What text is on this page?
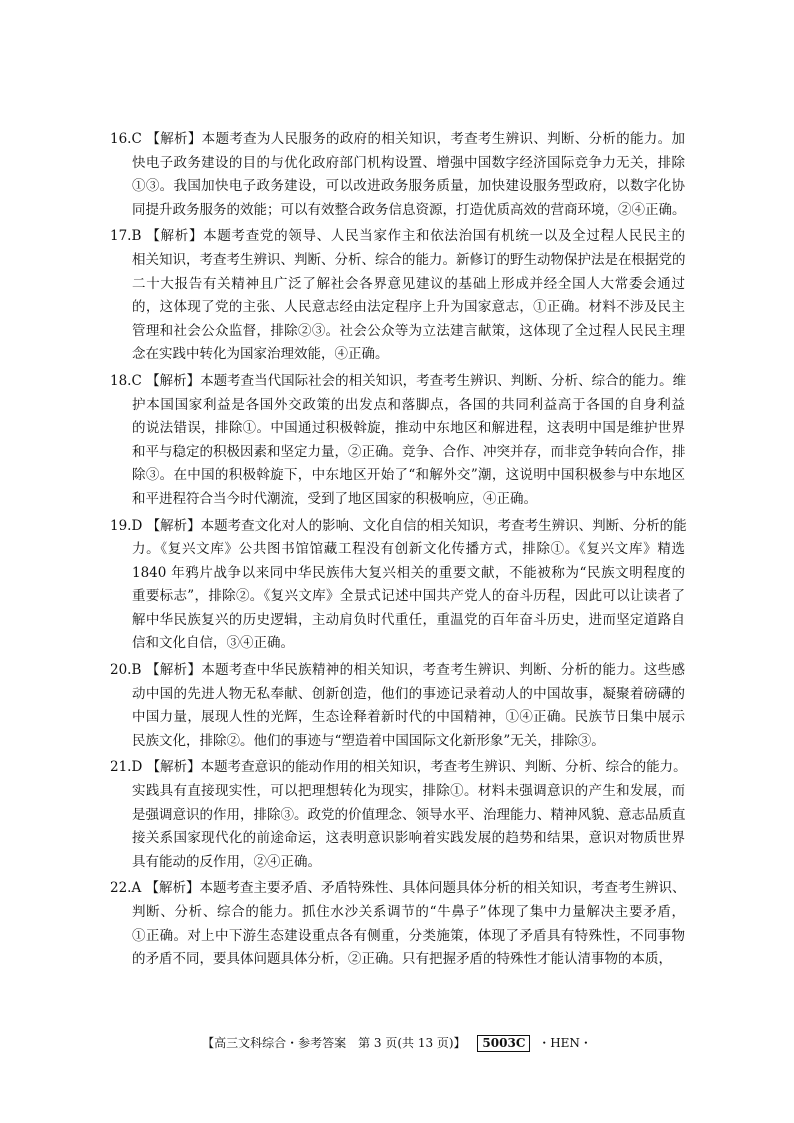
16.C 【解析】本题考查为人民服务的政府的相关知识，考查考生辨识、判断、分析的能力。加
快电子政务建设的目的与优化政府部门机构设置、增强中国数字经济国际竞争力无关，排除
①③。我国加快电子政务建设，可以改进政务服务质量，加快建设服务型政府，以数字化协
同提升政务服务的效能；可以有效整合政务信息资源，打造优质高效的营商环境，②④正确。
17.B 【解析】本题考查党的领导、人民当家作主和依法治国有机统一以及全过程人民民主的
相关知识，考查考生辨识、判断、分析、综合的能力。新修订的野生动物保护法是在根据党的
二十大报告有关精神且广泛了解社会各界意见建议的基础上形成并经全国人大常委会通过
的，这体现了党的主张、人民意志经由法定程序上升为国家意志，①正确。材料不涉及民主
管理和社会公众监督，排除②③。社会公众等为立法建言献策，这体现了全过程人民民主理
念在实践中转化为国家治理效能，④正确。
18.C 【解析】本题考查当代国际社会的相关知识，考查考生辨识、判断、分析、综合的能力。维
护本国国家利益是各国外交政策的出发点和落脚点，各国的共同利益高于各国的自身利益
的说法错误，排除①。中国通过积极斡旋，推动中东地区和解进程，这表明中国是维护世界
和平与稳定的积极因素和坚定力量，②正确。竞争、合作、冲突并存，而非竞争转向合作，排
除③。在中国的积极斡旋下，中东地区开始了“和解外交”潮，这说明中国积极参与中东地区
和平进程符合当今时代潮流，受到了地区国家的积极响应，④正确。
19.D 【解析】本题考查文化对人的影响、文化自信的相关知识，考查考生辨识、判断、分析的能
力。《复兴文库》公共图书馆馆藏工程没有创新文化传播方式，排除①。《复兴文库》精选
1840 年鸦片战争以来同中华民族伟大复兴相关的重要文献，不能被称为“民族文明程度的
重要标志”，排除②。《复兴文库》全景式记述中国共产党人的奋斗历程，因此可以让读者了
解中华民族复兴的历史逻辑，主动肩负时代重任，重温党的百年奋斗历史，进而坚定道路自
信和文化自信，③④正确。
20.B 【解析】本题考查中华民族精神的相关知识，考查考生辨识、判断、分析的能力。这些感
动中国的先进人物无私奉献、创新创造，他们的事迹记录着动人的中国故事，凝聚着磅礴的
中国力量，展现人性的光辉，生态诠释着新时代的中国精神，①④正确。民族节日集中展示
民族文化，排除②。他们的事迹与“塑造着中国国际文化新形象”无关，排除③。
21.D 【解析】本题考查意识的能动作用的相关知识，考查考生辨识、判断、分析、综合的能力。
实践具有直接现实性，可以把理想转化为现实，排除①。材料未强调意识的产生和发展，而
是强调意识的作用，排除③。政党的价值理念、领导水平、治理能力、精神风貌、意志品质直
接关系国家现代化的前途命运，这表明意识影响着实践发展的趋势和结果，意识对物质世界
具有能动的反作用，②④正确。
22.A 【解析】本题考查主要矛盾、矛盾特殊性、具体问题具体分析的相关知识，考查考生辨识、
判断、分析、综合的能力。抓住水沙关系调节的“牛鼻子”体现了集中力量解决主要矛盾，
①正确。对上中下游生态建设重点各有侧重，分类施策，体现了矛盾具有特殊性，不同事物
的矛盾不同，要具体问题具体分析，②正确。只有把握矛盾的特殊性才能认清事物的本质，
【高三文科综合・参考答案　第 3 页(共 13 页)】 5003C ・HEN・
